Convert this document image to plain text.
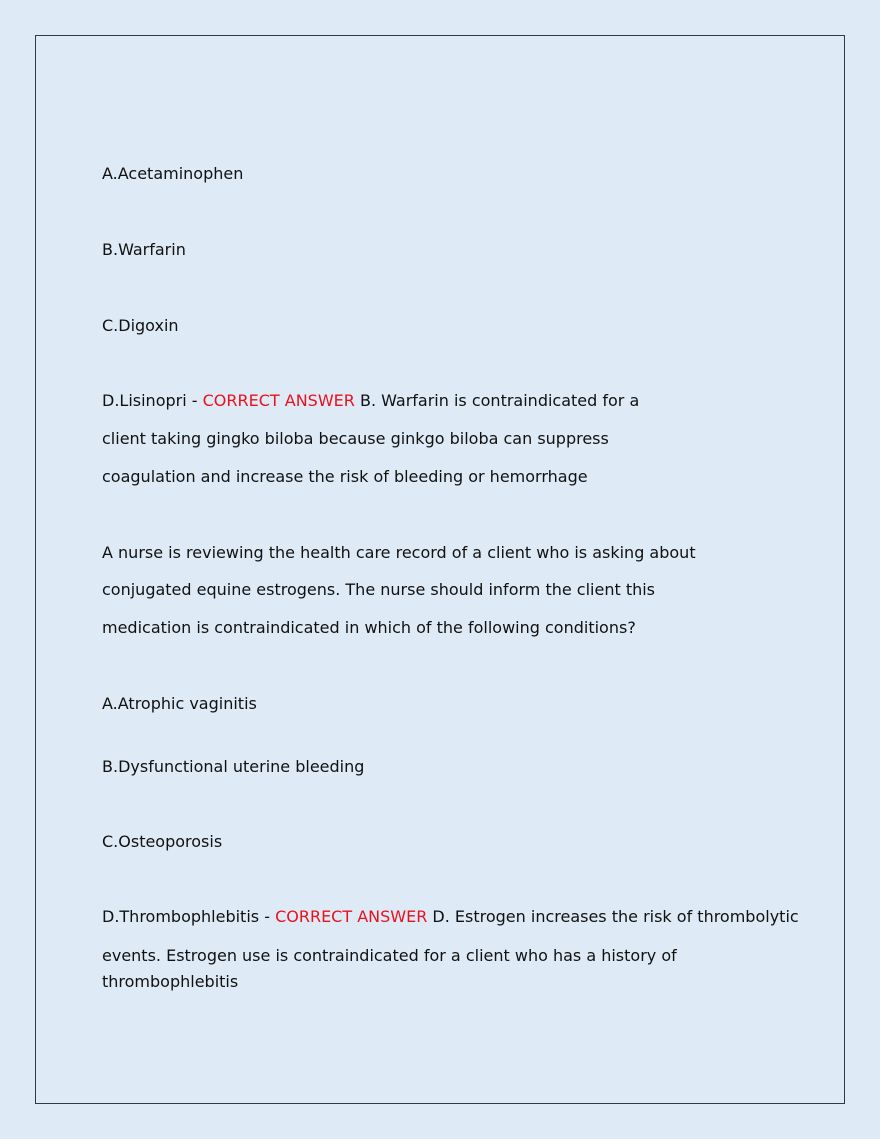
A.Acetaminophen

B.Warfarin

C.Digoxin

D.Lisinopri - CORRECT ANSWER B. Warfarin is contraindicated for a

client taking gingko biloba because ginkgo biloba can suppress

coagulation and increase the risk of bleeding or hemorrhage

A nurse is reviewing the health care record of a client who is asking about

conjugated equine estrogens. The nurse should inform the client this

medication is contraindicated in which of the following conditions?

A.Atrophic vaginitis

B.Dysfunctional uterine bleeding

C.Osteoporosis

D.Thrombophlebitis - CORRECT ANSWER D. Estrogen increases the risk of thrombolytic

events. Estrogen use is contraindicated for a client who has a history of

thrombophlebitis
